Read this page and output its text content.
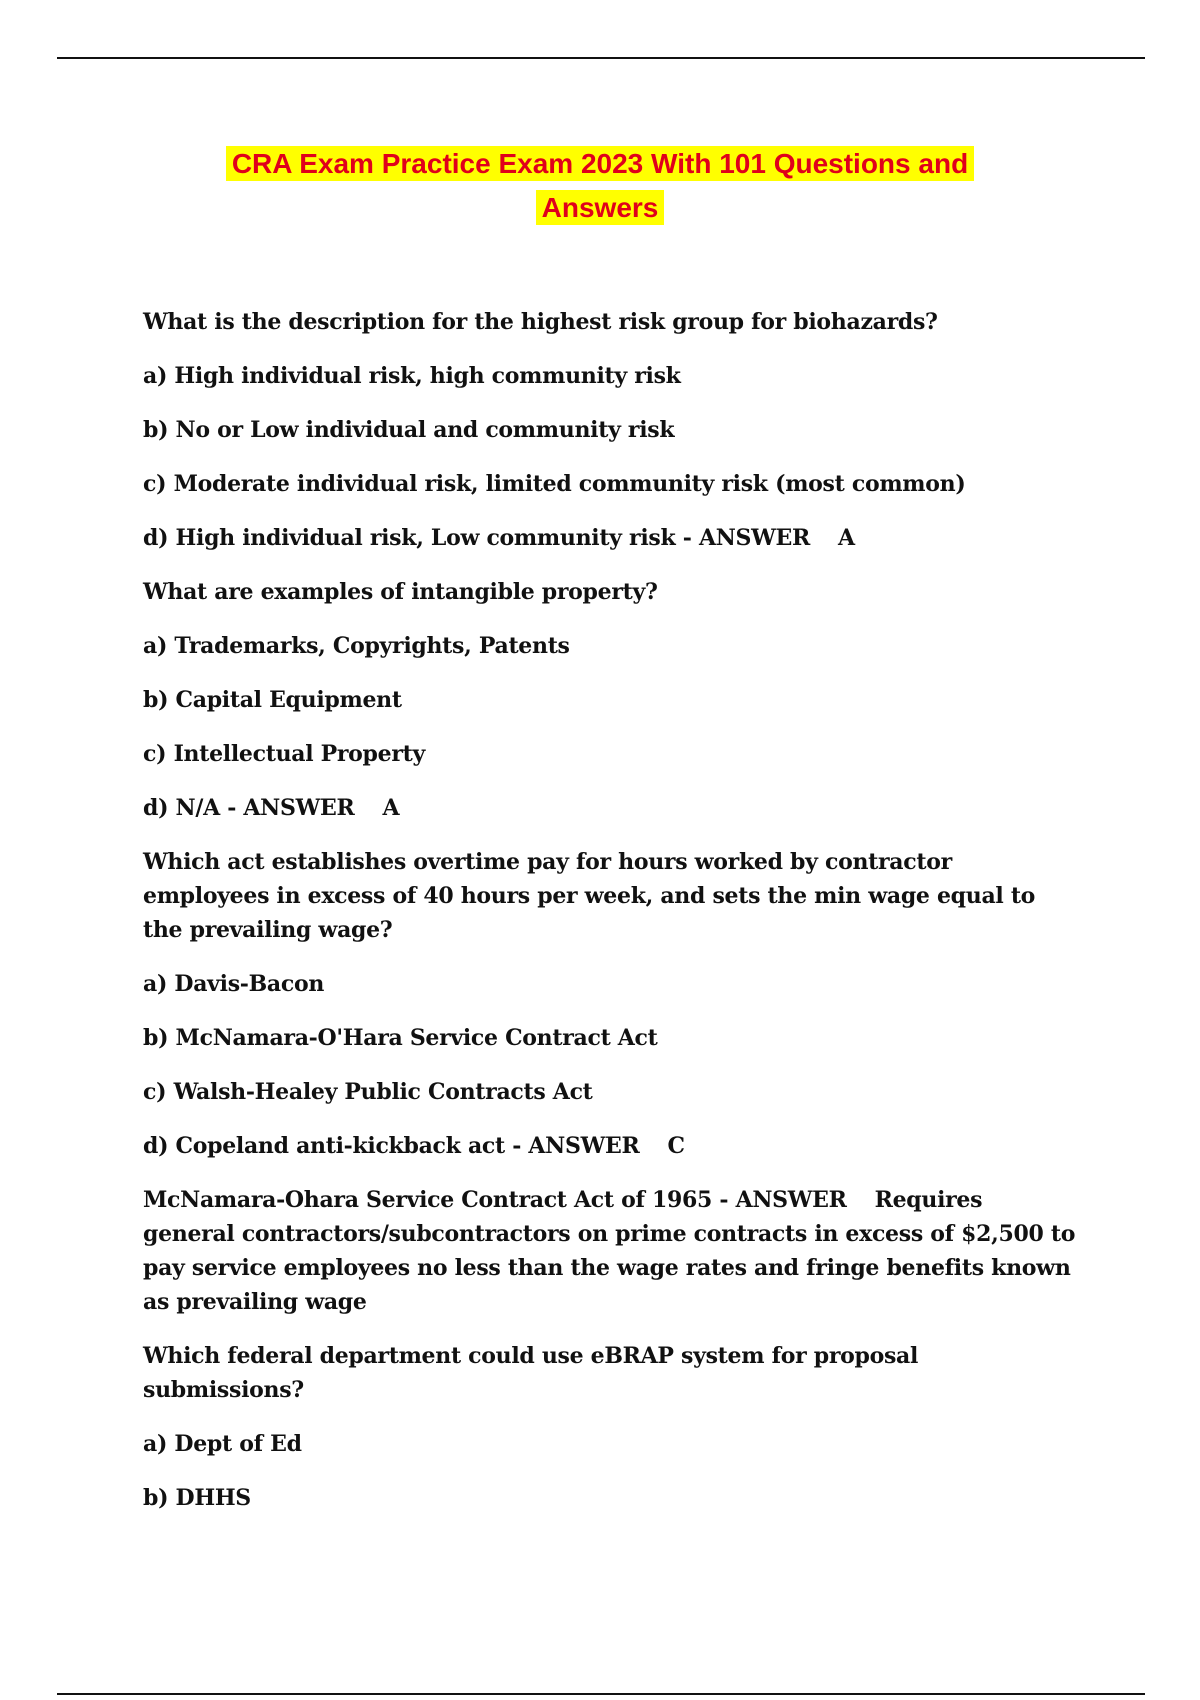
CRA Exam Practice Exam 2023 With 101 Questions and
Answers

What is the description for the highest risk group for biohazards?

a) High individual risk, high community risk

b) No or Low individual and community risk

c) Moderate individual risk, limited community risk (most common)

d) High individual risk, Low community risk - ANSWER A

What are examples of intangible property?

a) Trademarks, Copyrights, Patents

b) Capital Equipment

c) Intellectual Property

d) N/A - ANSWER A

Which act establishes overtime pay for hours worked by contractor employees in excess of 40 hours per week, and sets the min wage equal to the prevailing wage?

a) Davis-Bacon

b) McNamara-O'Hara Service Contract Act

c) Walsh-Healey Public Contracts Act

d) Copeland anti-kickback act - ANSWER C

McNamara-Ohara Service Contract Act of 1965 - ANSWER Requires general contractors/subcontractors on prime contracts in excess of $2,500 to pay service employees no less than the wage rates and fringe benefits known as prevailing wage

Which federal department could use eBRAP system for proposal submissions?

a) Dept of Ed

b) DHHS
